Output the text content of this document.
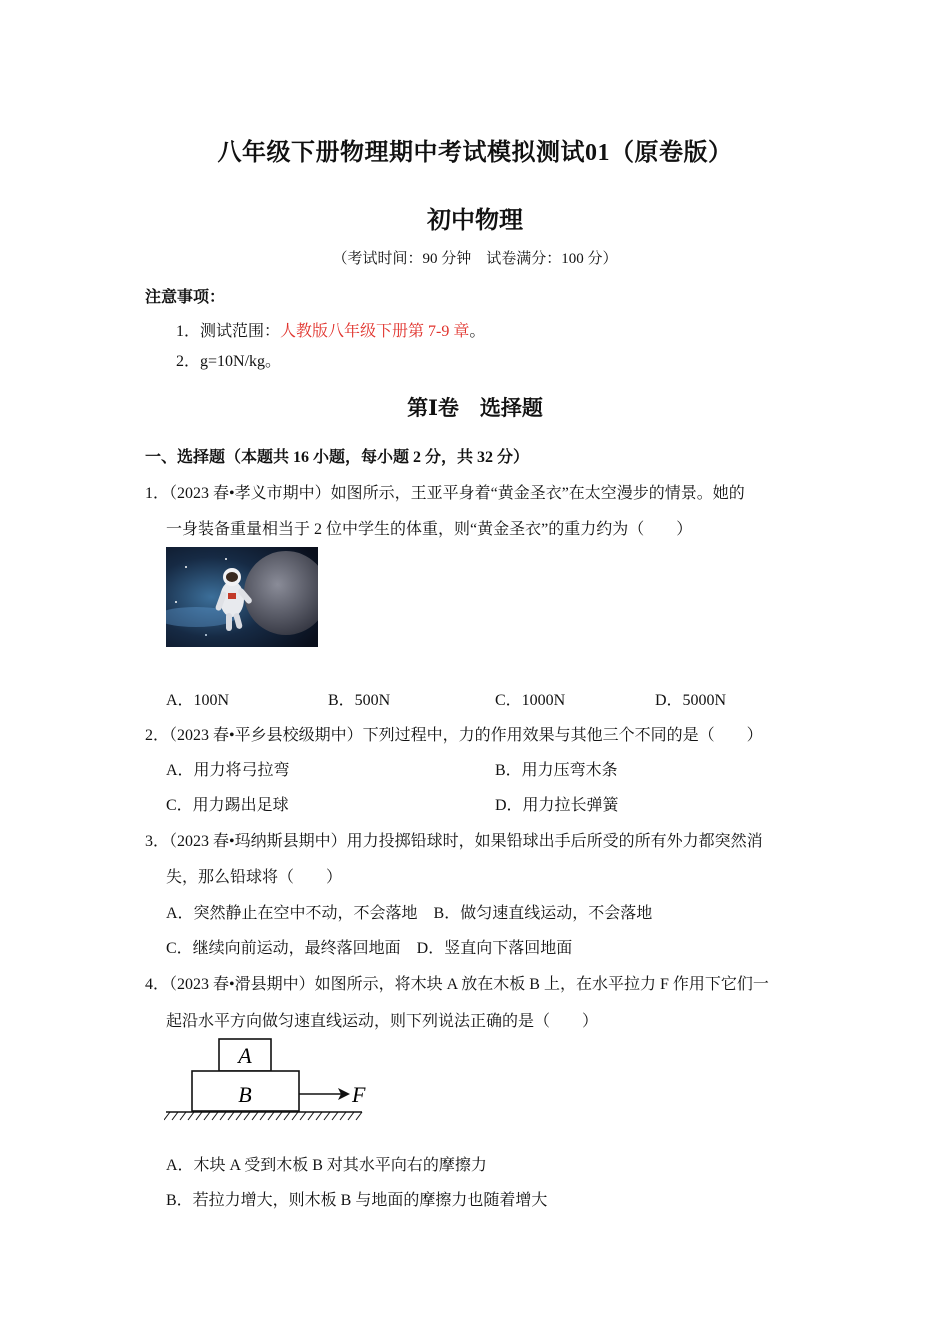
八年级下册物理期中考试模拟测试01（原卷版）
初中物理
（考试时间：90 分钟　试卷满分：100 分）
注意事项：
1．测试范围：人教版八年级下册第 7-9 章。
2．g=10N/kg。
第Ⅰ卷　选择题
一、选择题（本题共 16 小题，每小题 2 分，共 32 分）
1．（2023 春•孝义市期中）如图所示，王亚平身着“黄金圣衣”在太空漫步的情景。她的
一身装备重量相当于 2 位中学生的体重，则“黄金圣衣”的重力约为（　　）
A．100N	B．500N	C．1000N	D．5000N
2．（2023 春•平乡县校级期中）下列过程中，力的作用效果与其他三个不同的是（　　）
A．用力将弓拉弯	B．用力压弯木条
C．用力踢出足球	D．用力拉长弹簧
3．（2023 春•玛纳斯县期中）用力投掷铅球时，如果铅球出手后所受的所有外力都突然消
失，那么铅球将（　　）
A．突然静止在空中不动，不会落地　B．做匀速直线运动，不会落地
C．继续向前运动，最终落回地面　D．竖直向下落回地面
4．（2023 春•滑县期中）如图所示，将木块 A 放在木板 B 上，在水平拉力 F 作用下它们一
起沿水平方向做匀速直线运动，则下列说法正确的是（　　）
A
B	F
A．木块 A 受到木板 B 对其水平向右的摩擦力
B．若拉力增大，则木板 B 与地面的摩擦力也随着增大
